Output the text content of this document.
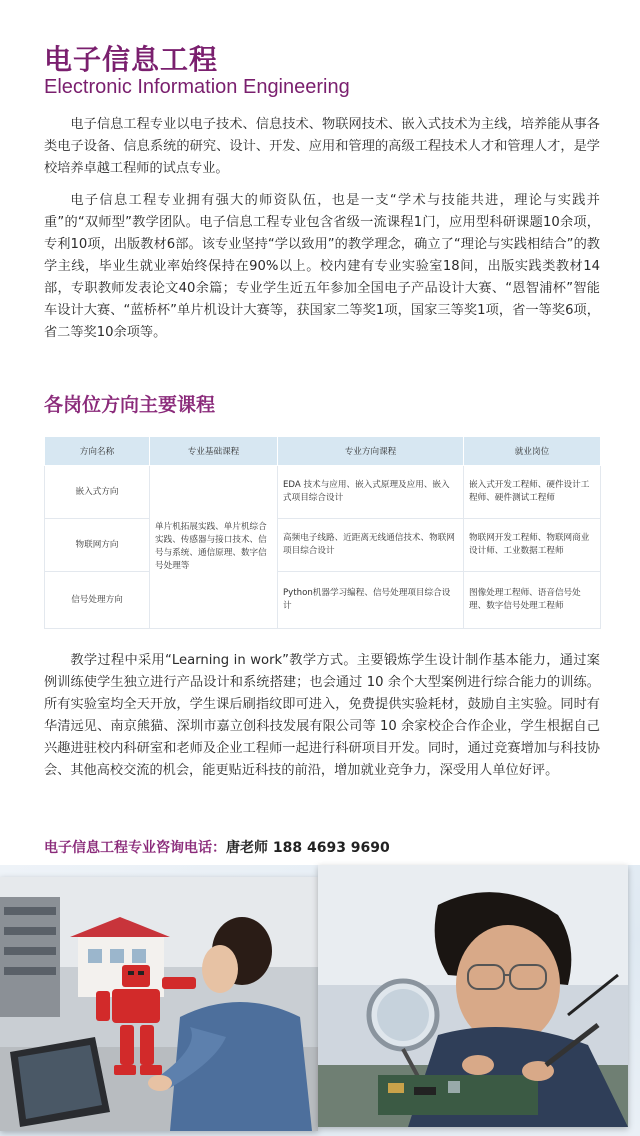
电子信息工程
Electronic Information Engineering

电子信息工程专业以电子技术、信息技术、物联网技术、嵌入式技术为主线，培养能从事各类电子设备、信息系统的研究、设计、开发、应用和管理的高级工程技术人才和管理人才，是学校培养卓越工程师的试点专业。

电子信息工程专业拥有强大的师资队伍，也是一支“学术与技能共进，理论与实践并重”的“双师型”教学团队。电子信息工程专业包含省级一流课程1门，应用型科研课题10余项，专利10项，出版教材6部。该专业坚持“学以致用”的教学理念，确立了“理论与实践相结合”的教学主线，毕业生就业率始终保持在90%以上。校内建有专业实验室18间，出版实践类教材14部，专职教师发表论文40余篇；专业学生近五年参加全国电子产品设计大赛、“恩智浦杯”智能车设计大赛、“蓝桥杯”单片机设计大赛等，获国家二等奖1项，国家三等奖1项，省一等奖6项，省二等奖10余项等。

各岗位方向主要课程
方向名称	专业基础课程	专业方向课程	就业岗位
嵌入式方向	单片机拓展实践、单片机综合实践、传感器与接口技术、信号与系统、通信原理、数字信号处理等	EDA 技术与应用、嵌入式原理及应用、嵌入式项目综合设计	嵌入式开发工程师、硬件设计工程师、硬件测试工程师
物联网方向		高频电子线路、近距离无线通信技术、物联网项目综合设计	物联网开发工程师、物联网商业设计师、工业数据工程师
信号处理方向		Python机器学习编程、信号处理项目综合设计	图像处理工程师、语音信号处理、数字信号处理工程师

教学过程中采用“Learning in work”教学方式。主要锻炼学生设计制作基本能力，通过案例训练使学生独立进行产品设计和系统搭建；也会通过 10 余个大型案例进行综合能力的训练。所有实验室均全天开放，学生课后刷指纹即可进入，免费提供实验耗材，鼓励自主实验。同时有华清远见、南京熊猫、深圳市嘉立创科技发展有限公司等 10 余家校企合作企业，学生根据自己兴趣进驻校内科研室和老师及企业工程师一起进行科研项目开发。同时，通过竞赛增加与科技协会、其他高校交流的机会，能更贴近科技的前沿，增加就业竞争力，深受用人单位好评。

电子信息工程专业咨询电话：唐老师 188 4693 9690
